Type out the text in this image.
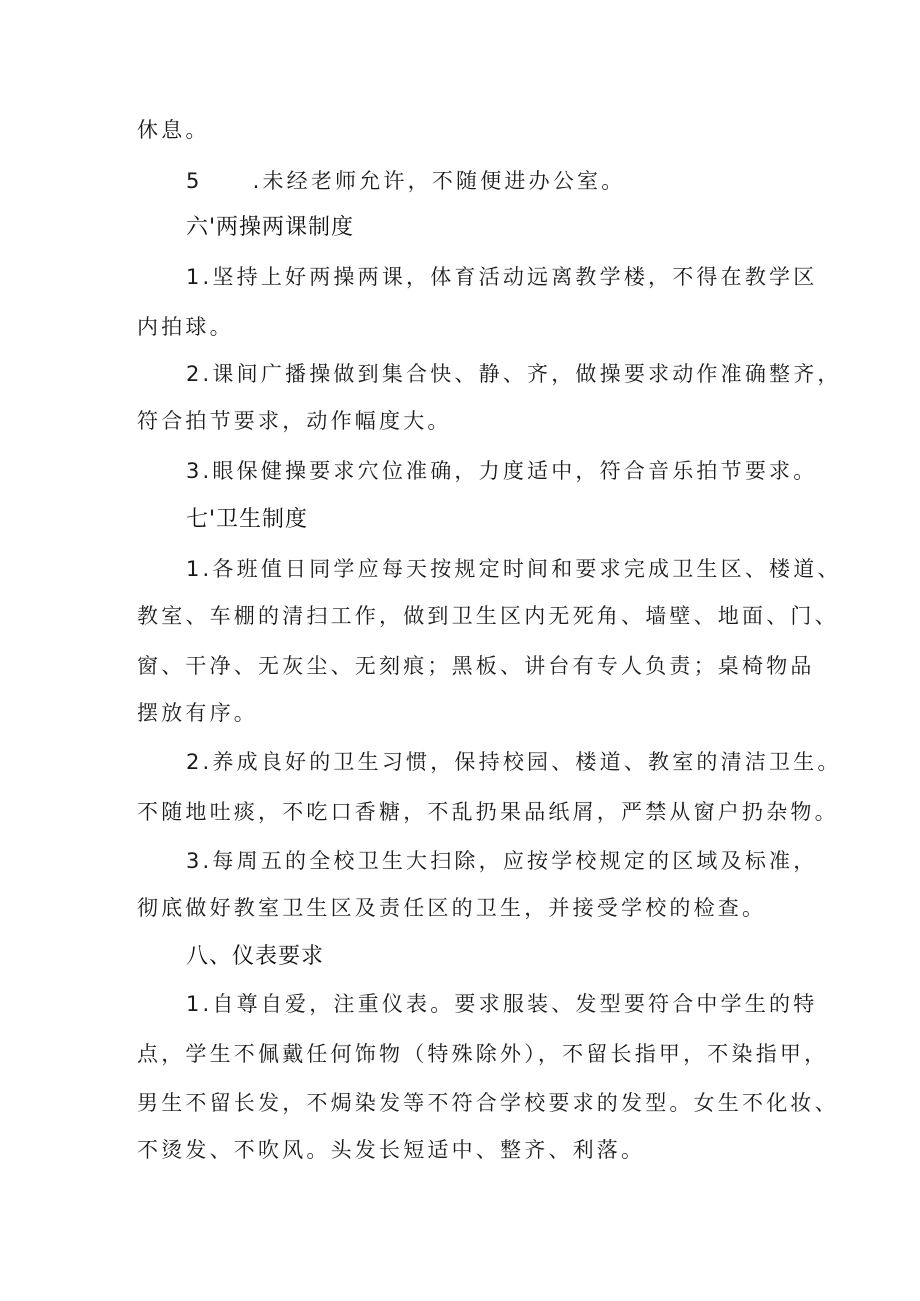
休息。
5 .未经老师允许，不随便进办公室。
六'两操两课制度
1.坚持上好两操两课，体育活动远离教学楼，不得在教学区
内拍球。
2.课间广播操做到集合快、静、齐，做操要求动作准确整齐，
符合拍节要求，动作幅度大。
3.眼保健操要求穴位准确，力度适中，符合音乐拍节要求。
七'卫生制度
1.各班值日同学应每天按规定时间和要求完成卫生区、楼道、
教室、车棚的清扫工作，做到卫生区内无死角、墙壁、地面、门、
窗、干净、无灰尘、无刻痕；黑板、讲台有专人负责；桌椅物品
摆放有序。
2.养成良好的卫生习惯，保持校园、楼道、教室的清洁卫生。
不随地吐痰，不吃口香糖，不乱扔果品纸屑，严禁从窗户扔杂物。
3.每周五的全校卫生大扫除，应按学校规定的区域及标准，
彻底做好教室卫生区及责任区的卫生，并接受学校的检查。
八、仪表要求
1.自尊自爱，注重仪表。要求服装、发型要符合中学生的特
点，学生不佩戴任何饰物（特殊除外），不留长指甲，不染指甲，
男生不留长发，不焗染发等不符合学校要求的发型。女生不化妆、
不烫发、不吹风。头发长短适中、整齐、利落。
